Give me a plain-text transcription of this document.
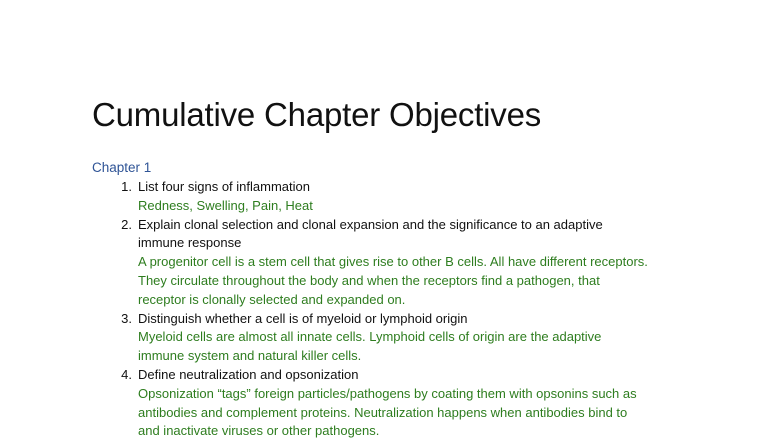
Cumulative Chapter Objectives
Chapter 1
1. List four signs of inflammation
Redness, Swelling, Pain, Heat
2. Explain clonal selection and clonal expansion and the significance to an adaptive
immune response
A progenitor cell is a stem cell that gives rise to other B cells. All have different receptors.
They circulate throughout the body and when the receptors find a pathogen, that
receptor is clonally selected and expanded on.
3. Distinguish whether a cell is of myeloid or lymphoid origin
Myeloid cells are almost all innate cells. Lymphoid cells of origin are the adaptive
immune system and natural killer cells.
4. Define neutralization and opsonization
Opsonization “tags” foreign particles/pathogens by coating them with opsonins such as
antibodies and complement proteins. Neutralization happens when antibodies bind to
and inactivate viruses or other pathogens.
